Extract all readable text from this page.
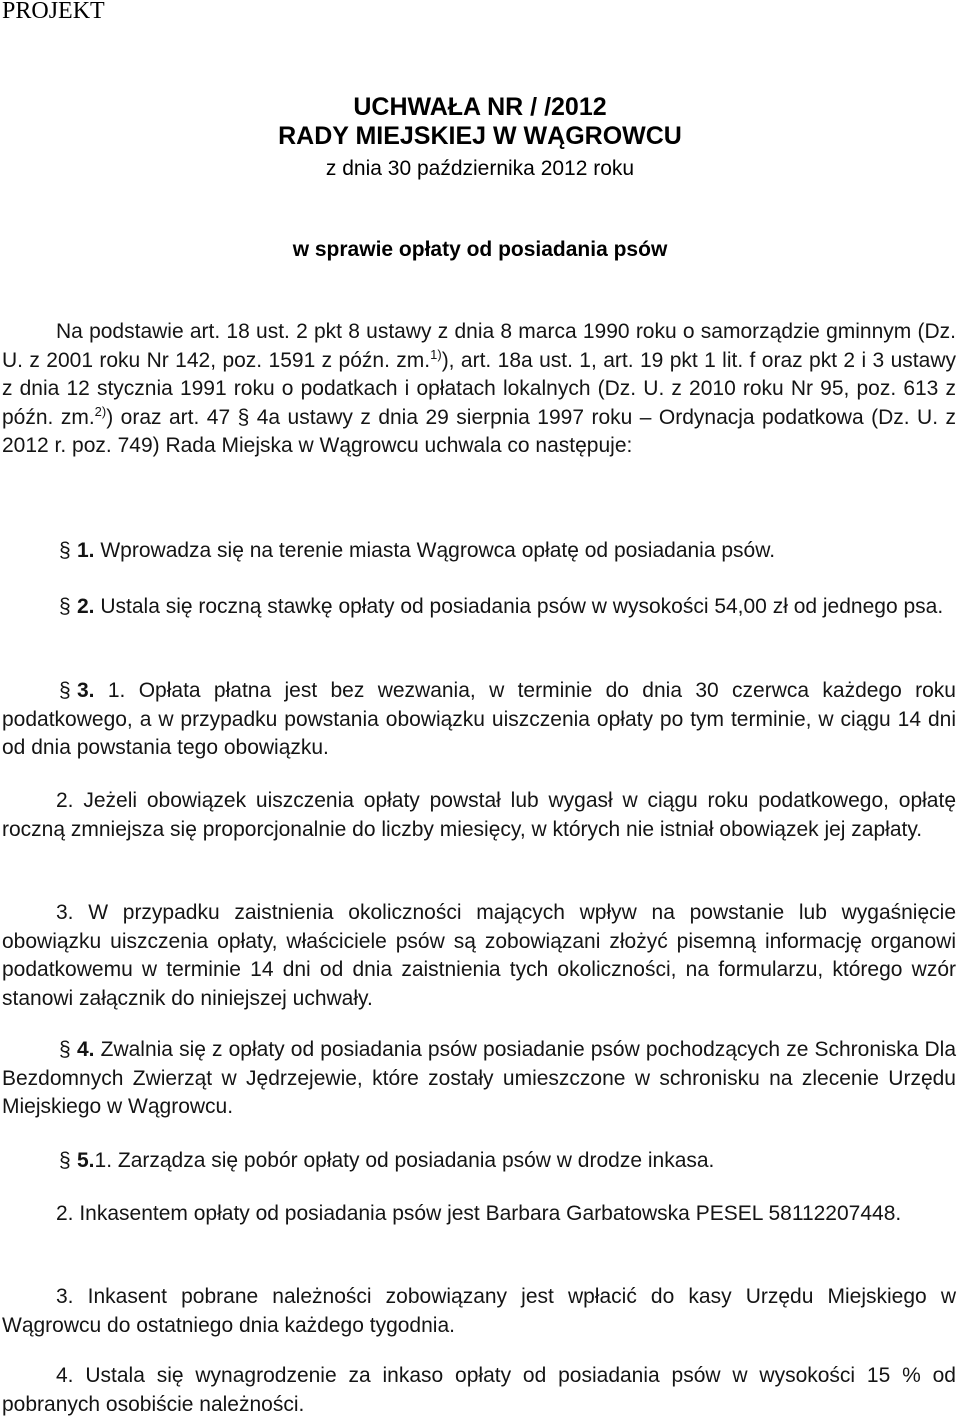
PROJEKT
UCHWAŁA NR / /2012
RADY MIEJSKIEJ W WĄGROWCU
z dnia 30 października 2012 roku
w sprawie opłaty od posiadania psów

Na podstawie art. 18 ust. 2 pkt 8 ustawy z dnia 8 marca 1990 roku o samorządzie gminnym (Dz. U. z 2001 roku Nr 142, poz. 1591 z późn. zm.$^{1)}$), art. 18a ust. 1, art. 19 pkt 1 lit. f oraz pkt 2 i 3 ustawy z dnia 12 stycznia 1991 roku o podatkach i opłatach lokalnych (Dz. U. z 2010 roku Nr 95, poz. 613 z późn. zm.$^{2)}$) oraz art. 47 § 4a ustawy z dnia 29 sierpnia 1997 roku – Ordynacja podatkowa (Dz. U. z 2012 r. poz. 749) Rada Miejska w Wągrowcu uchwala co następuje:

§ 1. Wprowadza się na terenie miasta Wągrowca opłatę od posiadania psów.

§ 2. Ustala się roczną stawkę opłaty od posiadania psów w wysokości 54,00 zł od jednego psa.

§ 3. 1. Opłata płatna jest bez wezwania, w terminie do dnia 30 czerwca każdego roku podatkowego, a w przypadku powstania obowiązku uiszczenia opłaty po tym terminie, w ciągu 14 dni od dnia powstania tego obowiązku.

2. Jeżeli obowiązek uiszczenia opłaty powstał lub wygasł w ciągu roku podatkowego, opłatę roczną zmniejsza się proporcjonalnie do liczby miesięcy, w których nie istniał obowiązek jej zapłaty.

3. W przypadku zaistnienia okoliczności mających wpływ na powstanie lub wygaśnięcie obowiązku uiszczenia opłaty, właściciele psów są zobowiązani złożyć pisemną informację organowi podatkowemu w terminie 14 dni od dnia zaistnienia tych okoliczności, na formularzu, którego wzór stanowi załącznik do niniejszej uchwały.

§ 4. Zwalnia się z opłaty od posiadania psów posiadanie psów pochodzących ze Schroniska Dla Bezdomnych Zwierząt w Jędrzejewie, które zostały umieszczone w schronisku na zlecenie Urzędu Miejskiego w Wągrowcu.

§ 5.1. Zarządza się pobór opłaty od posiadania psów w drodze inkasa.

2. Inkasentem opłaty od posiadania psów jest Barbara Garbatowska PESEL 58112207448.

3. Inkasent pobrane należności zobowiązany jest wpłacić do kasy Urzędu Miejskiego w Wągrowcu do ostatniego dnia każdego tygodnia.

4. Ustala się wynagrodzenie za inkaso opłaty od posiadania psów w wysokości 15 % od pobranych osobiście należności.
